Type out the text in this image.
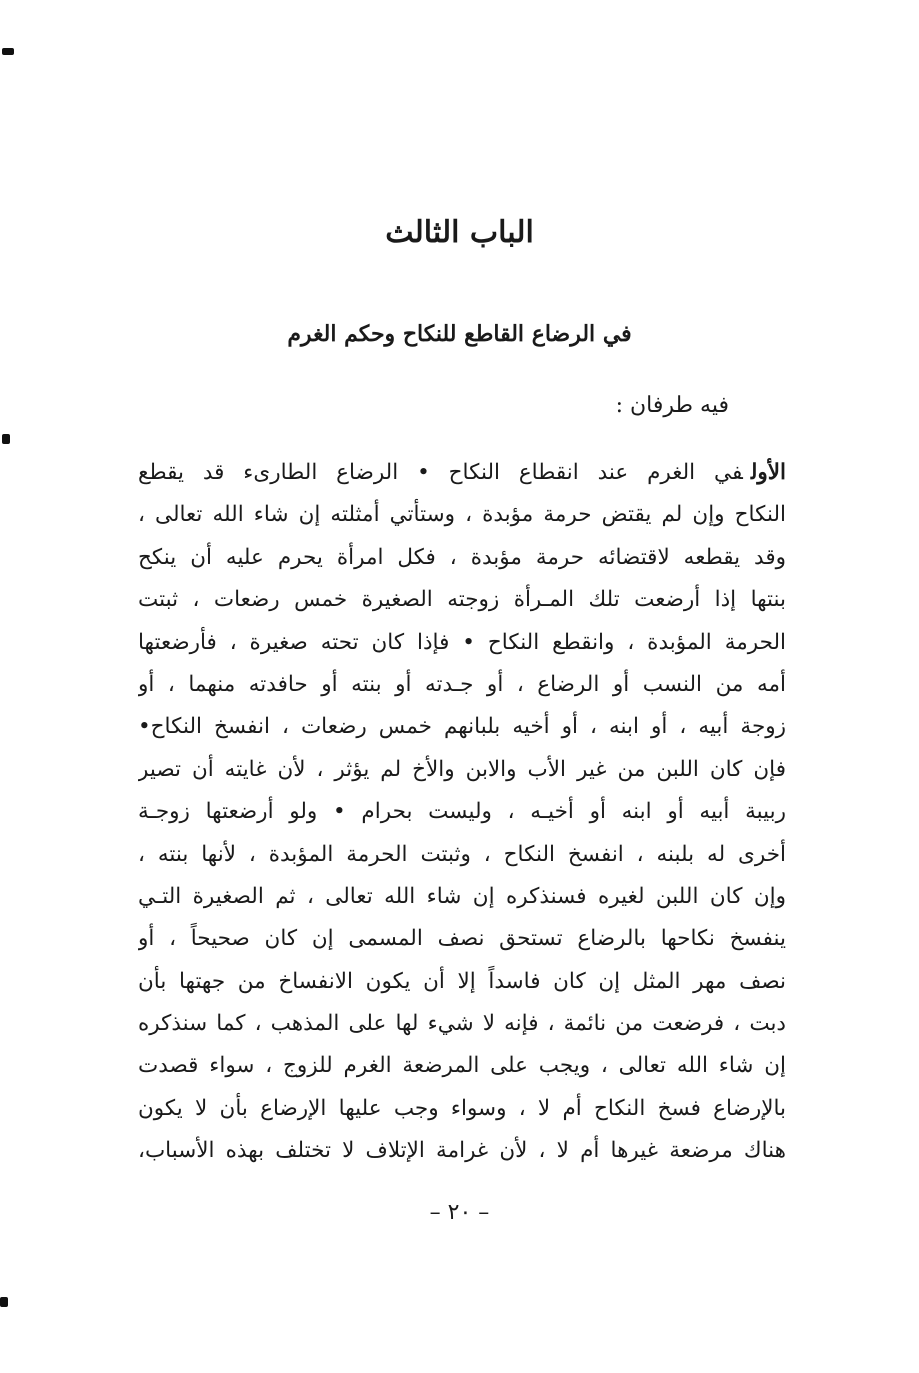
الباب الثالث
في الرضاع القاطع للنكاح وحكم الغرم

فيه طرفان :

الأولفي الغرم عند انقطاع النكاح • الرضاع الطارىء قد يقطع
النكاح وإن لم يقتض حرمة مؤبدة ، وستأتي أمثلته إن شاء الله تعالى ،
وقد يقطعه لاقتضائه حرمة مؤبدة ، فكل امرأة يحرم عليه أن ينكح
بنتها إذا أرضعت تلك المـرأة زوجته الصغيرة خمس رضعات ، ثبتت
الحرمة المؤبدة ، وانقطع النكاح • فإذا كان تحته صغيرة ، فأرضعتها
أمه من النسب أو الرضاع ، أو جـدته أو بنته أو حافدته منهما ، أو
زوجة أبيه ، أو ابنه ، أو أخيه بلبانهم خمس رضعات ، انفسخ النكاح•
فإن كان اللبن من غير الأب والابن والأخ لم يؤثر ، لأن غايته أن تصير
ربيبة أبيه أو ابنه أو أخيـه ، وليست بحرام • ولو أرضعتها زوجـة
أخرى له بلبنه ، انفسخ النكاح ، وثبتت الحرمة المؤبدة ، لأنها بنته ،
وإن كان اللبن لغيره فسنذكره إن شاء الله تعالى ، ثم الصغيرة التـي
ينفسخ نكاحها بالرضاع تستحق نصف المسمى إن كان صحيحاً ، أو
نصف مهر المثل إن كان فاسداً إلا أن يكون الانفساخ من جهتها بأن
دبت ، فرضعت من نائمة ، فإنه لا شيء لها على المذهب ، كما سنذكره
إن شاء الله تعالى ، ويجب على المرضعة الغرم للزوج ، سواء قصدت
بالإرضاع فسخ النكاح أم لا ، وسواء وجب عليها الإرضاع بأن لا يكون
هناك مرضعة غيرها أم لا ، لأن غرامة الإتلاف لا تختلف بهذه الأسباب،
– ٢٠ –
